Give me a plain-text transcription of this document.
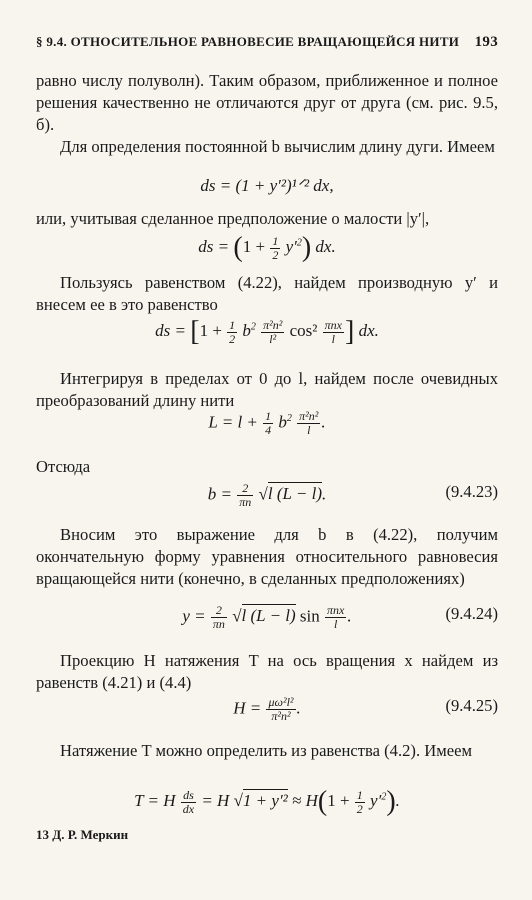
§ 9.4. ОТНОСИТЕЛЬНОЕ РАВНОВЕСИЕ ВРАЩАЮЩЕЙСЯ НИТИ 193

равно числу полуволн). Таким образом, приближенное и полное решения качественно не отличаются друг от друга (см. рис. 9.5, б).

Для определения постоянной b вычислим длину дуги. Имеем

ds = (1 + y′²)¹ᐟ² dx,

или, учитывая сделанное предположение о малости |y′|,

ds = $(1 + \frac{1}{2} y'^2)$ dx.

Пользуясь равенством (4.22), найдем производную y′ и внесем ее в это равенство

ds = [$1 + \frac{1}{2} b^2 \frac{\text{π²n²}}{\text{l²}} \cos^2 \frac{\text{πnx}}{l}$ ] dx.

Интегрируя в пределах от 0 до l, найдем после очевидных преобразований длину нити

$L = l + \frac{1}{4} b^2 \frac{\text{π²n²}}{l}$ .

Отсюда

$b = \frac{2}{\pi n} √l$ (L − l).	(9.4.23)

Вносим это выражение для b в (4.22), получим окончательную форму уравнения относительного равновесия вращающейся нити (конечно, в сделанных предположениях)

$y = \frac{2}{\pi n} √l$ (L − l) $\sin \frac{\text{πnx}}{l}$ .	(9.4.24)

Проекцию H натяжения T на ось вращения x найдем из равенств (4.21) и (4.4)

$H = \frac{\text{μω²l²}}{\text{π²n²}}$ .	(9.4.25)

Натяжение T можно определить из равенства (4.2). Имеем

T = H $\frac{ds}{dx} = H$ $√1 + y'^2 \approx H(1 + \frac{1}{2} y'^2)$.
13 Д. Р. Меркин
